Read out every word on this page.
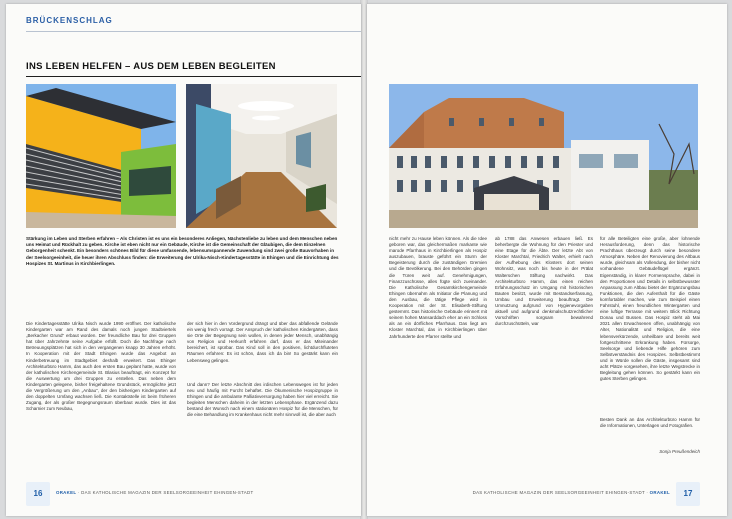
BRÜCKENSCHLAG
INS LEBEN HELFEN – AUS DEM LEBEN BEGLEITEN
Stärkung im Leben und Sterben erfahren – Als Christen ist es uns ein besonderes Anliegen, Nächstenliebe zu leben und dem Menschen neben uns Heimat und Rückhalt zu geben. Kirche ist eben nicht nur ein Gebäude, Kirche ist die Gemeinschaft der Gläubigen, die dem Einzelnen Geborgenheit schenkt. Ein besonders schönes Bild für diese umfassende, lebensumspannende Zuwendung sind zwei große Bauvorhaben in der Seelsorgeeinheit, die heuer ihren Abschluss finden: die Erweiterung der Ulrika-Nisch-Kindertagesstätte in Ehingen und die Einrichtung des Hospizes St. Martinus in Kirchbierlingen.
Die Kindertagesstätte Ulrika Nisch wurde 1990 eröffnet. Der katholische Kindergarten war am Rand des damals noch jungen Stadtviertels „Berkacher Grund“ erbaut worden. Der freundliche Bau für drei Gruppen hat über Jahrzehnte seine Aufgabe erfüllt. Doch die Nachfrage nach Betreuungsplätzen hat sich in den vergangenen knapp 30 Jahren erhöht. In Kooperation mit der Stadt Ehingen wurde das Angebot an Kinderbetreuung im Stadtgebiet deshalb erweitert. Das Ehinger Architekturbüro Hamm, das auch den ersten Bau geplant hatte, wurde von der katholischen Kirchengemeinde St. Blasius beauftragt, ein Konzept für die Auswertung um drei Gruppen zu erstellen. Das neben dem Kindergarten gelegene, bisher freigehaltene Grundstück, ermöglichte jetzt die Vergrößerung um den „Anbau“, der den bisherigen Kindergarten auf den doppelten Umfang wachsen ließ. Die Kontaktstelle ist beim früheren Zugang, der als großer Begegnungsraum überbaut wurde. Dies ist das Scharnier zum Neubau,
der sich hier in den Vordergrund drängt und über das abfallende Gelände ein wenig frech vorragt. Der Anspruch der katholischen Kindergärten, dass sie Orte der Begegnung sein wollen, in denen jeder Mensch, unabhängig von Religion und Herkunft erfahren darf, dass er das Miteinander bereichert, ist spürbar. Das Kind soll in den positiven, lichtdurchfluteten Räumen erfahren: Es ist schön, dass ich da bin! So gestärkt kann ein Lebensweg gelingen.
Und dann? Der letzte Abschnitt des irdischen Lebensweges ist für jeden neu und häufig mit Furcht behaftet. Die Ökumenische Hospizgruppe in Ehingen und die ambulante Palliativversorgung haben hier viel erreicht. Sie begleiten Menschen daheim in der letzten Lebensphase. Ergänzend dazu bestand der Wunsch nach einem stationären Hospiz für die Menschen, für die eine Behandlung im Krankenhaus nicht mehr sinnvoll ist, die aber auch
16	ORAKEL · DAS KATHOLISCHE MAGAZIN DER SEELSORGEEINHEIT EHINGEN-STADT
nicht mehr zu Hause leben können. Als die Idee geboren war, das gleichermaßen markante wie marode Pfarrhaus in Kirchbierlingen als Hospiz auszubauen, brauste geführt ein Sturm der Begeisterung durch die zuständigen Gremien und die Bevölkerung. Bei den Behörden gingen die Türen weit auf. Genehmigungen, Finanzzuschüsse, alles fügte sich zueinander. Die Katholische Gesamtkirchengemeinde Ehingen übernahm als Initiator die Planung und den Ausbau, die tätige Pflege wird in Kooperation mit der St. Elisabeth-Stiftung gestemmt. Das historische Gebäude erinnert mit seinem hohen Mansarddach eher an ein Schloss als an ein dörfliches Pfarrhaus. Das liegt am Kloster Marchtal, das in Kirchbierlingen über Jahrhunderte den Pfarrer stellte und
ab 1788 das Anwesen erbauen ließ. Es beherbergte die Wohnung für den Priester und eine Etage für die Äbte. Der letzte Abt von Kloster Marchtal, Friedrich Walter, erhielt nach der Aufhebung des Klosters dort seinen Wohnsitz, was noch bis heute in der Prälat Walterschen Stiftung nachwirkt. Das Architekturbüro Hamm, das einen reichen Erfahrungsschatz im Umgang mit historischen Bauten besitzt, wurde mit Bestandserfassung, Umbau und Erweiterung beauftragt. Die Umnutzung aufgrund von Hygienevorgaben aktuell und aufgrund denkmalschutzrechtlicher Vorschriften sorgsam bewahrend durchzuschütteln, war
für alle Beteiligten eine große, aber lohnende Herausforderung, denn das historische Prachthaus überzeugt durch seine besondere Atmosphäre. Neben der Renovierung des Altbaus wurde, gleichsam als Vollendung, der bisher nicht vorhandene Gebäudeflügel ergänzt. Eigenständig, in klarer Formensprache, dabei in den Proportionen und Details in selbstbewusster Anpassung zum Altbau bietet der Ergänzungsbau Funktionen, die den Aufenthalt für die Gäste komfortabler machen, wie zum Beispiel einen Fahrstuhl, einen freundlichen Wintergarten und eine luftige Terrasse mit weitem Blick Richtung Donau und Bussen. Das Hospiz steht ab Mai 2021 allen Erwachsenen offen, unabhängig von Alter, Nationalität und Religion, die eine lebensverkürzende, unheilbare und bereits weit fortgeschrittene Erkrankung haben. Fürsorge, Seelsorge und liebende Hilfe gehören zum Selbstverständnis des Hospizes. Selbstbestimmt und in Würde sollen die Gäste, insgesamt sind acht Plätze vorgesehen, ihre letzte Wegstrecke in Begleitung gehen können. So gestärkt kann ein gutes Sterben gelingen.
Besten Dank an das Architekturbüro Hamm für die Informationen, Unterlagen und Fotografien.
Sonja Preußendeich
DAS KATHOLISCHE MAGAZIN DER SEELSORGEEINHEIT EHINGEN-STADT · ORAKEL	17
